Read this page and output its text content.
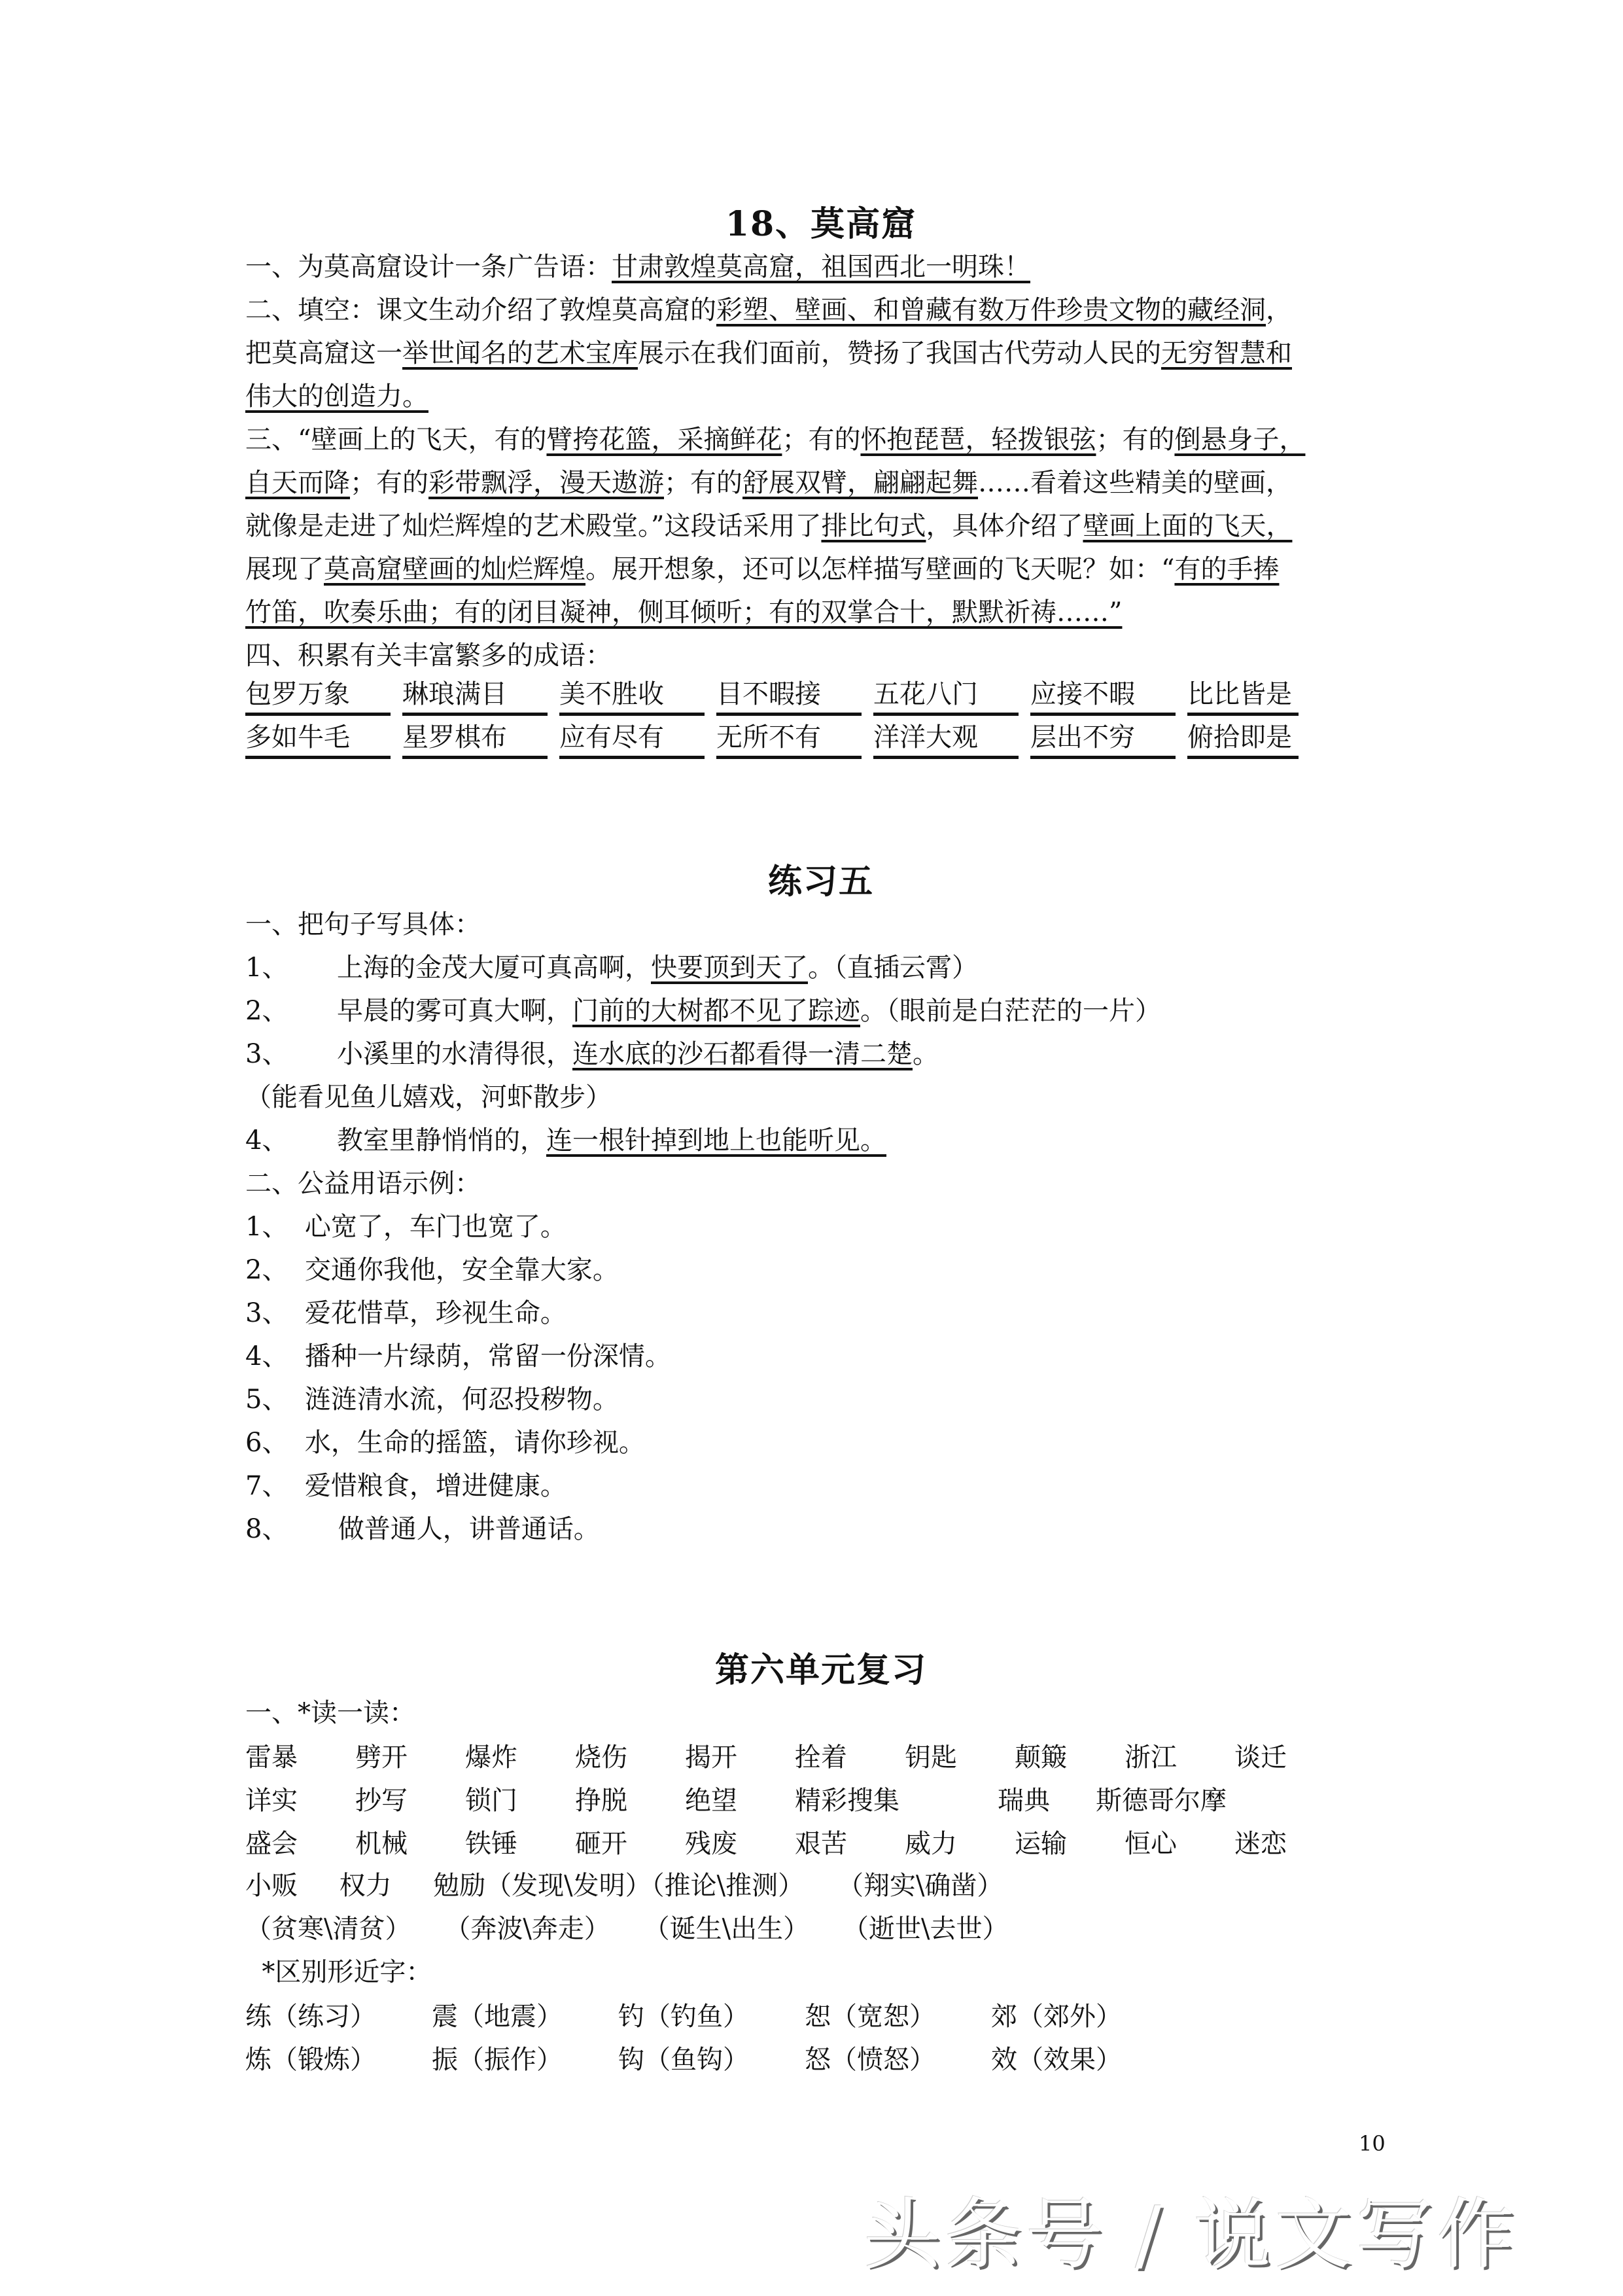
18、莫高窟
一、为莫高窟设计一条广告语：甘肃敦煌莫高窟，祖国西北一明珠！
二、填空：课文生动介绍了敦煌莫高窟的彩塑、壁画、和曾藏有数万件珍贵文物的藏经洞，
把莫高窟这一举世闻名的艺术宝库展示在我们面前，赞扬了我国古代劳动人民的无穷智慧和
伟大的创造力。
三、“壁画上的飞天，有的臂挎花篮，采摘鲜花；有的怀抱琵琶，轻拨银弦；有的倒悬身子，
自天而降；有的彩带飘浮，漫天遨游；有的舒展双臂，翩翩起舞……看着这些精美的壁画，
就像是走进了灿烂辉煌的艺术殿堂。”这段话采用了排比句式，具体介绍了壁画上面的飞天，
展现了莫高窟壁画的灿烂辉煌。展开想象，还可以怎样描写壁画的飞天呢？如：“有的手捧
竹笛，吹奏乐曲；有的闭目凝神，侧耳倾听；有的双掌合十，默默祈祷……”
四、积累有关丰富繁多的成语：
包罗万象	琳琅满目	美不胜收	目不暇接	五花八门	应接不暇	比比皆是
多如牛毛	星罗棋布	应有尽有	无所不有	洋洋大观	层出不穷	俯拾即是
练习五
一、把句子写具体：
1、 上海的金茂大厦可真高啊，快要顶到天了。（直插云霄）
2、 早晨的雾可真大啊，门前的大树都不见了踪迹。（眼前是白茫茫的一片）
3、 小溪里的水清得很，连水底的沙石都看得一清二楚。
（能看见鱼儿嬉戏，河虾散步）
4、 教室里静悄悄的，连一根针掉到地上也能听见。
二、公益用语示例：
1、  心宽了，车门也宽了。
2、  交通你我他，安全靠大家。
3、  爱花惜草，珍视生命。
4、  播种一片绿荫，常留一份深情。
5、  涟涟清水流，何忍投秽物。
6、  水，生命的摇篮，请你珍视。
7、  爱惜粮食，增进健康。
8、      做普通人，讲普通话。
第六单元复习
一、*读一读：
雷暴	劈开	爆炸	烧伤	揭开	拴着	钥匙	颠簸	浙江	谈迁
详实	抄写	锁门	挣脱	绝望	精彩搜集	瑞典	斯德哥尔摩
盛会	机械	铁锤	砸开	残废	艰苦	威力	运输	恒心	迷恋
小贩     权力     勉励（发现\发明）（推论\推测）    （翔实\确凿）
（贫寒\清贫）    （奔波\奔走）    （诞生\出生）    （逝世\去世）
*区别形近字：
练（练习）	震（地震）	钓（钓鱼）	恕（宽恕）	郊（郊外）
炼（锻炼）	振（振作）	钩（鱼钩）	怒（愤怒）	效（效果）
10
头条号 / 说文写作
